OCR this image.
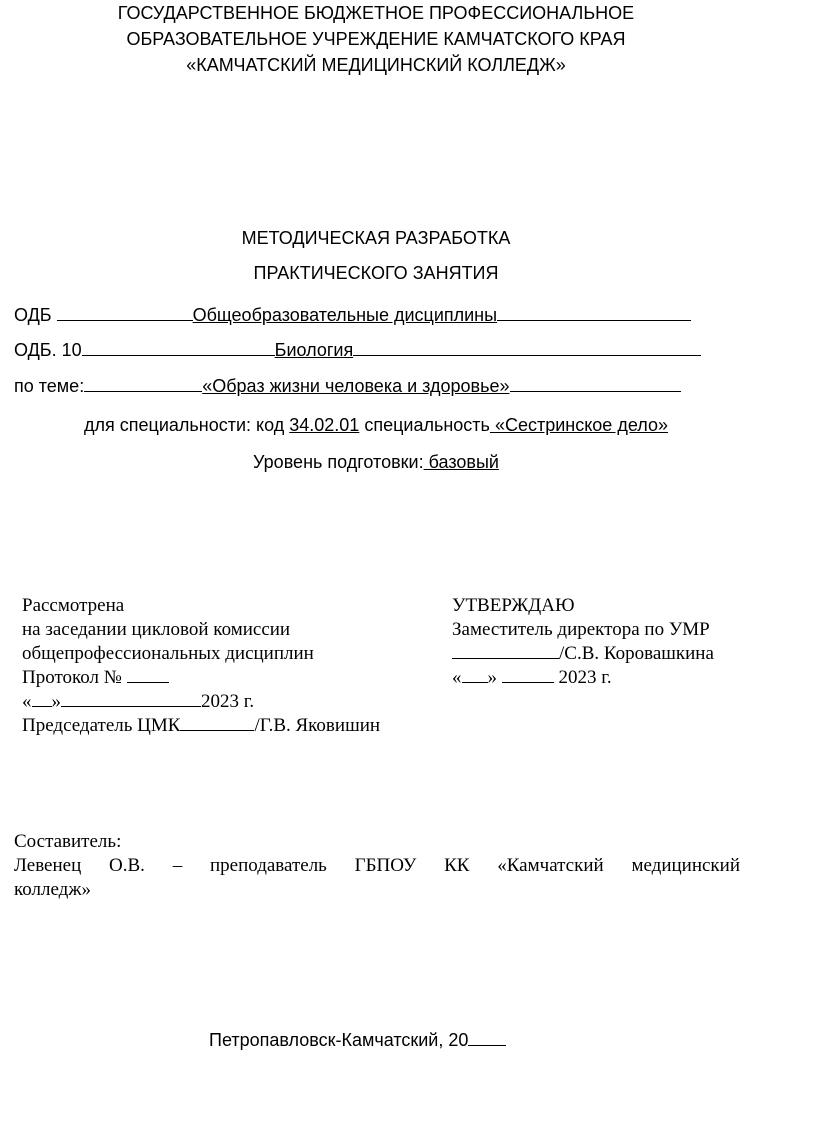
ГОСУДАРСТВЕННОЕ БЮДЖЕТНОЕ ПРОФЕССИОНАЛЬНОЕ
ОБРАЗОВАТЕЛЬНОЕ УЧРЕЖДЕНИЕ КАМЧАТСКОГО КРАЯ
«КАМЧАТСКИЙ МЕДИЦИНСКИЙ КОЛЛЕДЖ»
МЕТОДИЧЕСКАЯ РАЗРАБОТКА
ПРАКТИЧЕСКОГО ЗАНЯТИЯ
ОДБ	Общеобразовательные дисциплины
ОДБ. 10	Биология
по теме:	«Образ жизни человека и здоровье»
для специальности: код 34.02.01 специальность «Сестринское дело»
Уровень подготовки: базовый
Рассмотрена
на заседании цикловой комиссии
общепрофессиональных дисциплин
Протокол №
« »	2023 г.
Председатель ЦМК	/Г.В. Яковишин
УТВЕРЖДАЮ
Заместитель директора по УМР
/С.В. Коровашкина
« »	2023 г.
Составитель:
Левенец О.В. – преподаватель ГБПОУ КК «Камчатский медицинский
колледж»
Петропавловск-Камчатский, 20
